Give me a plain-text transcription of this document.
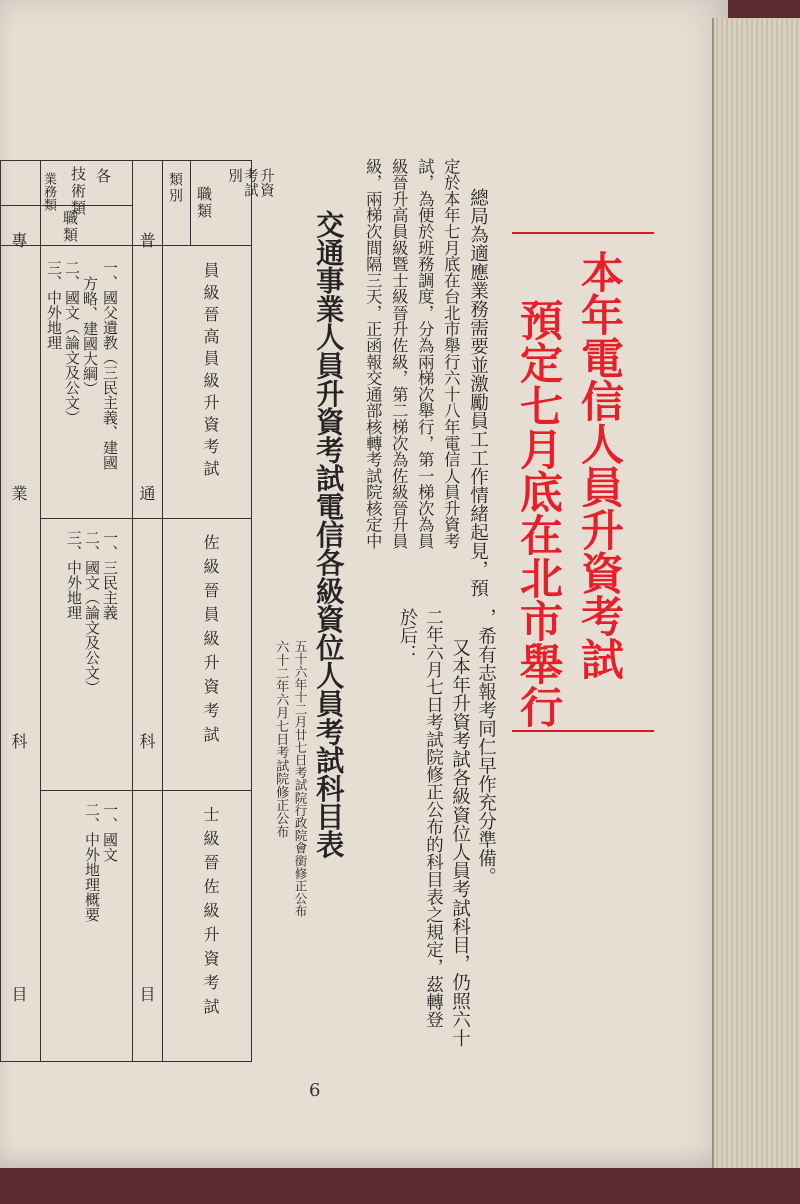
本年電信人員升資考試
預定七月底在北市舉行
總局為適應業務需要並激勵員工工作情緒起見，預
定於本年七月底在台北市舉行六十八年電信人員升資考
試，為便於班務調度，分為兩梯次舉行，第一梯次為員
級晉升高員級暨士級晉升佐級，第二梯次為佐級晉升員
級，兩梯次間隔三天，正函報交通部核轉考試院核定中
，希有志報考同仁早作充分準備。
又本年升資考試各級資位人員考試科目，仍照六十
二年六月七日考試院修正公布的科目表之規定，茲轉登
於后：
交通事業人員升資考試電信各級資位人員考試科目表
五十六年十二月廿七日考試院行政院會銜修正公布
六十二年六月七日考試院修正公布
升資考試別
職類
類別
各
技術類
業務類
職類
員級晉高員級升資考試
佐級晉員級升資考試
士級晉佐級升資考試
普
通
科
目
專
業
科
目
一、國父遺教（三民主義、建國
方略、建國大綱）
二、國文（論文及公文）
三、中外地理
一、三民主義
二、國文（論文及公文）
三、中外地理
一、國文
二、中外地理概要
6
